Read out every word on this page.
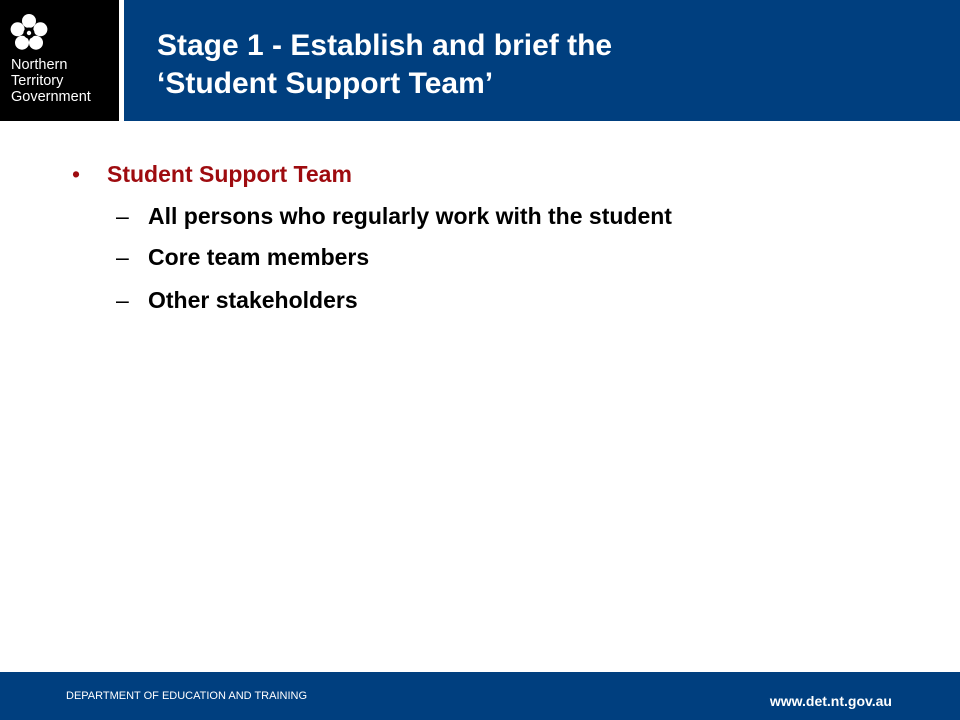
Northern
Territory
Government
Stage 1 - Establish and brief the
‘Student Support Team’
•	Student Support Team
– All persons who regularly work with the student
– Core team members
– Other stakeholders
DEPARTMENT OF EDUCATION AND TRAINING	www.det.nt.gov.au
